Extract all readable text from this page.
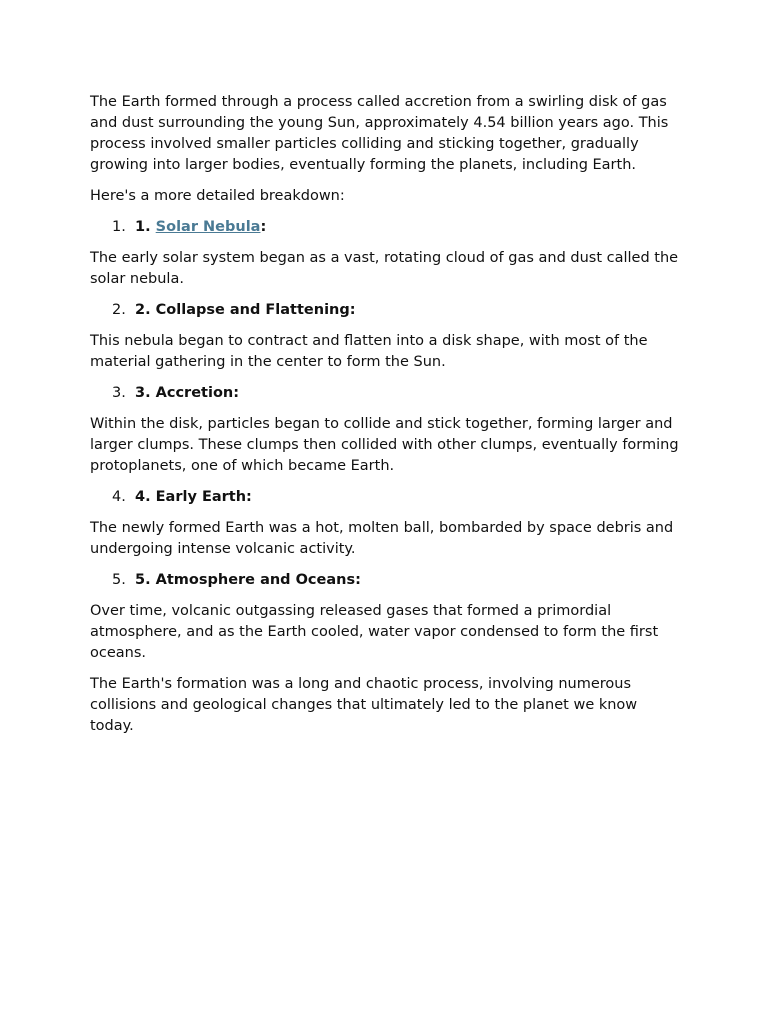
The Earth formed through a process called accretion from a swirling disk of gas and dust surrounding the young Sun, approximately 4.54 billion years ago. This process involved smaller particles colliding and sticking together, gradually growing into larger bodies, eventually forming the planets, including Earth.

Here's a more detailed breakdown:

1. 1. Solar Nebula:

The early solar system began as a vast, rotating cloud of gas and dust called the solar nebula.

2. 2. Collapse and Flattening:

This nebula began to contract and flatten into a disk shape, with most of the material gathering in the center to form the Sun.

3. 3. Accretion:

Within the disk, particles began to collide and stick together, forming larger and larger clumps. These clumps then collided with other clumps, eventually forming protoplanets, one of which became Earth.

4. 4. Early Earth:

The newly formed Earth was a hot, molten ball, bombarded by space debris and undergoing intense volcanic activity.

5. 5. Atmosphere and Oceans:

Over time, volcanic outgassing released gases that formed a primordial atmosphere, and as the Earth cooled, water vapor condensed to form the first oceans.

The Earth's formation was a long and chaotic process, involving numerous collisions and geological changes that ultimately led to the planet we know today.
